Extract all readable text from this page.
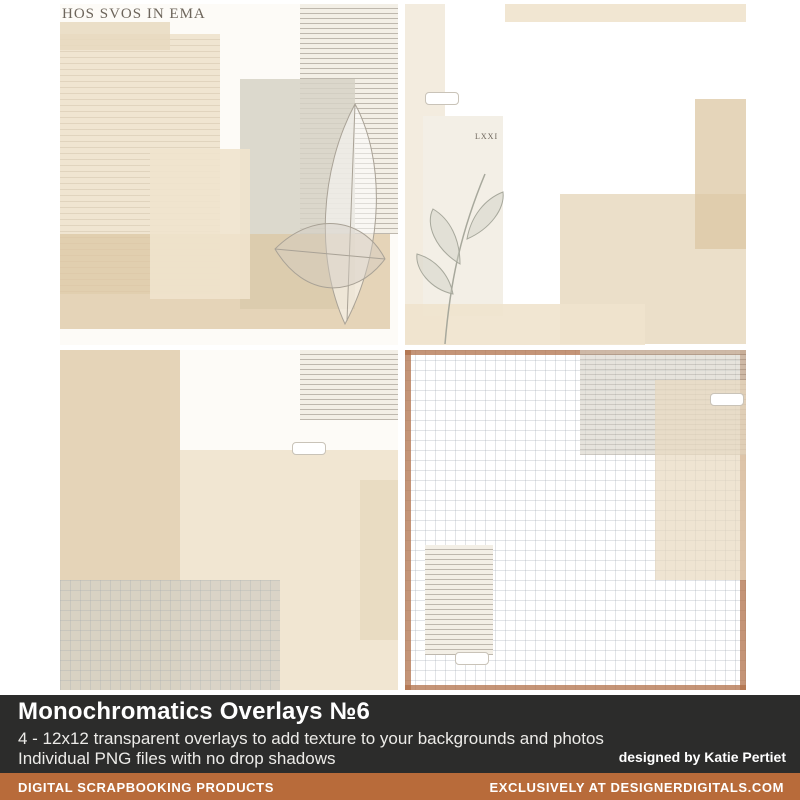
HOS SVOS IN EMA
LXXI
Monochromatics Overlays №6
4 - 12x12 transparent overlays to add texture to your backgrounds and photos
Individual PNG files with no drop shadows	designed by Katie Pertiet
DIGITAL SCRAPBOOKING PRODUCTS	EXCLUSIVELY AT DESIGNERDIGITALS.COM
